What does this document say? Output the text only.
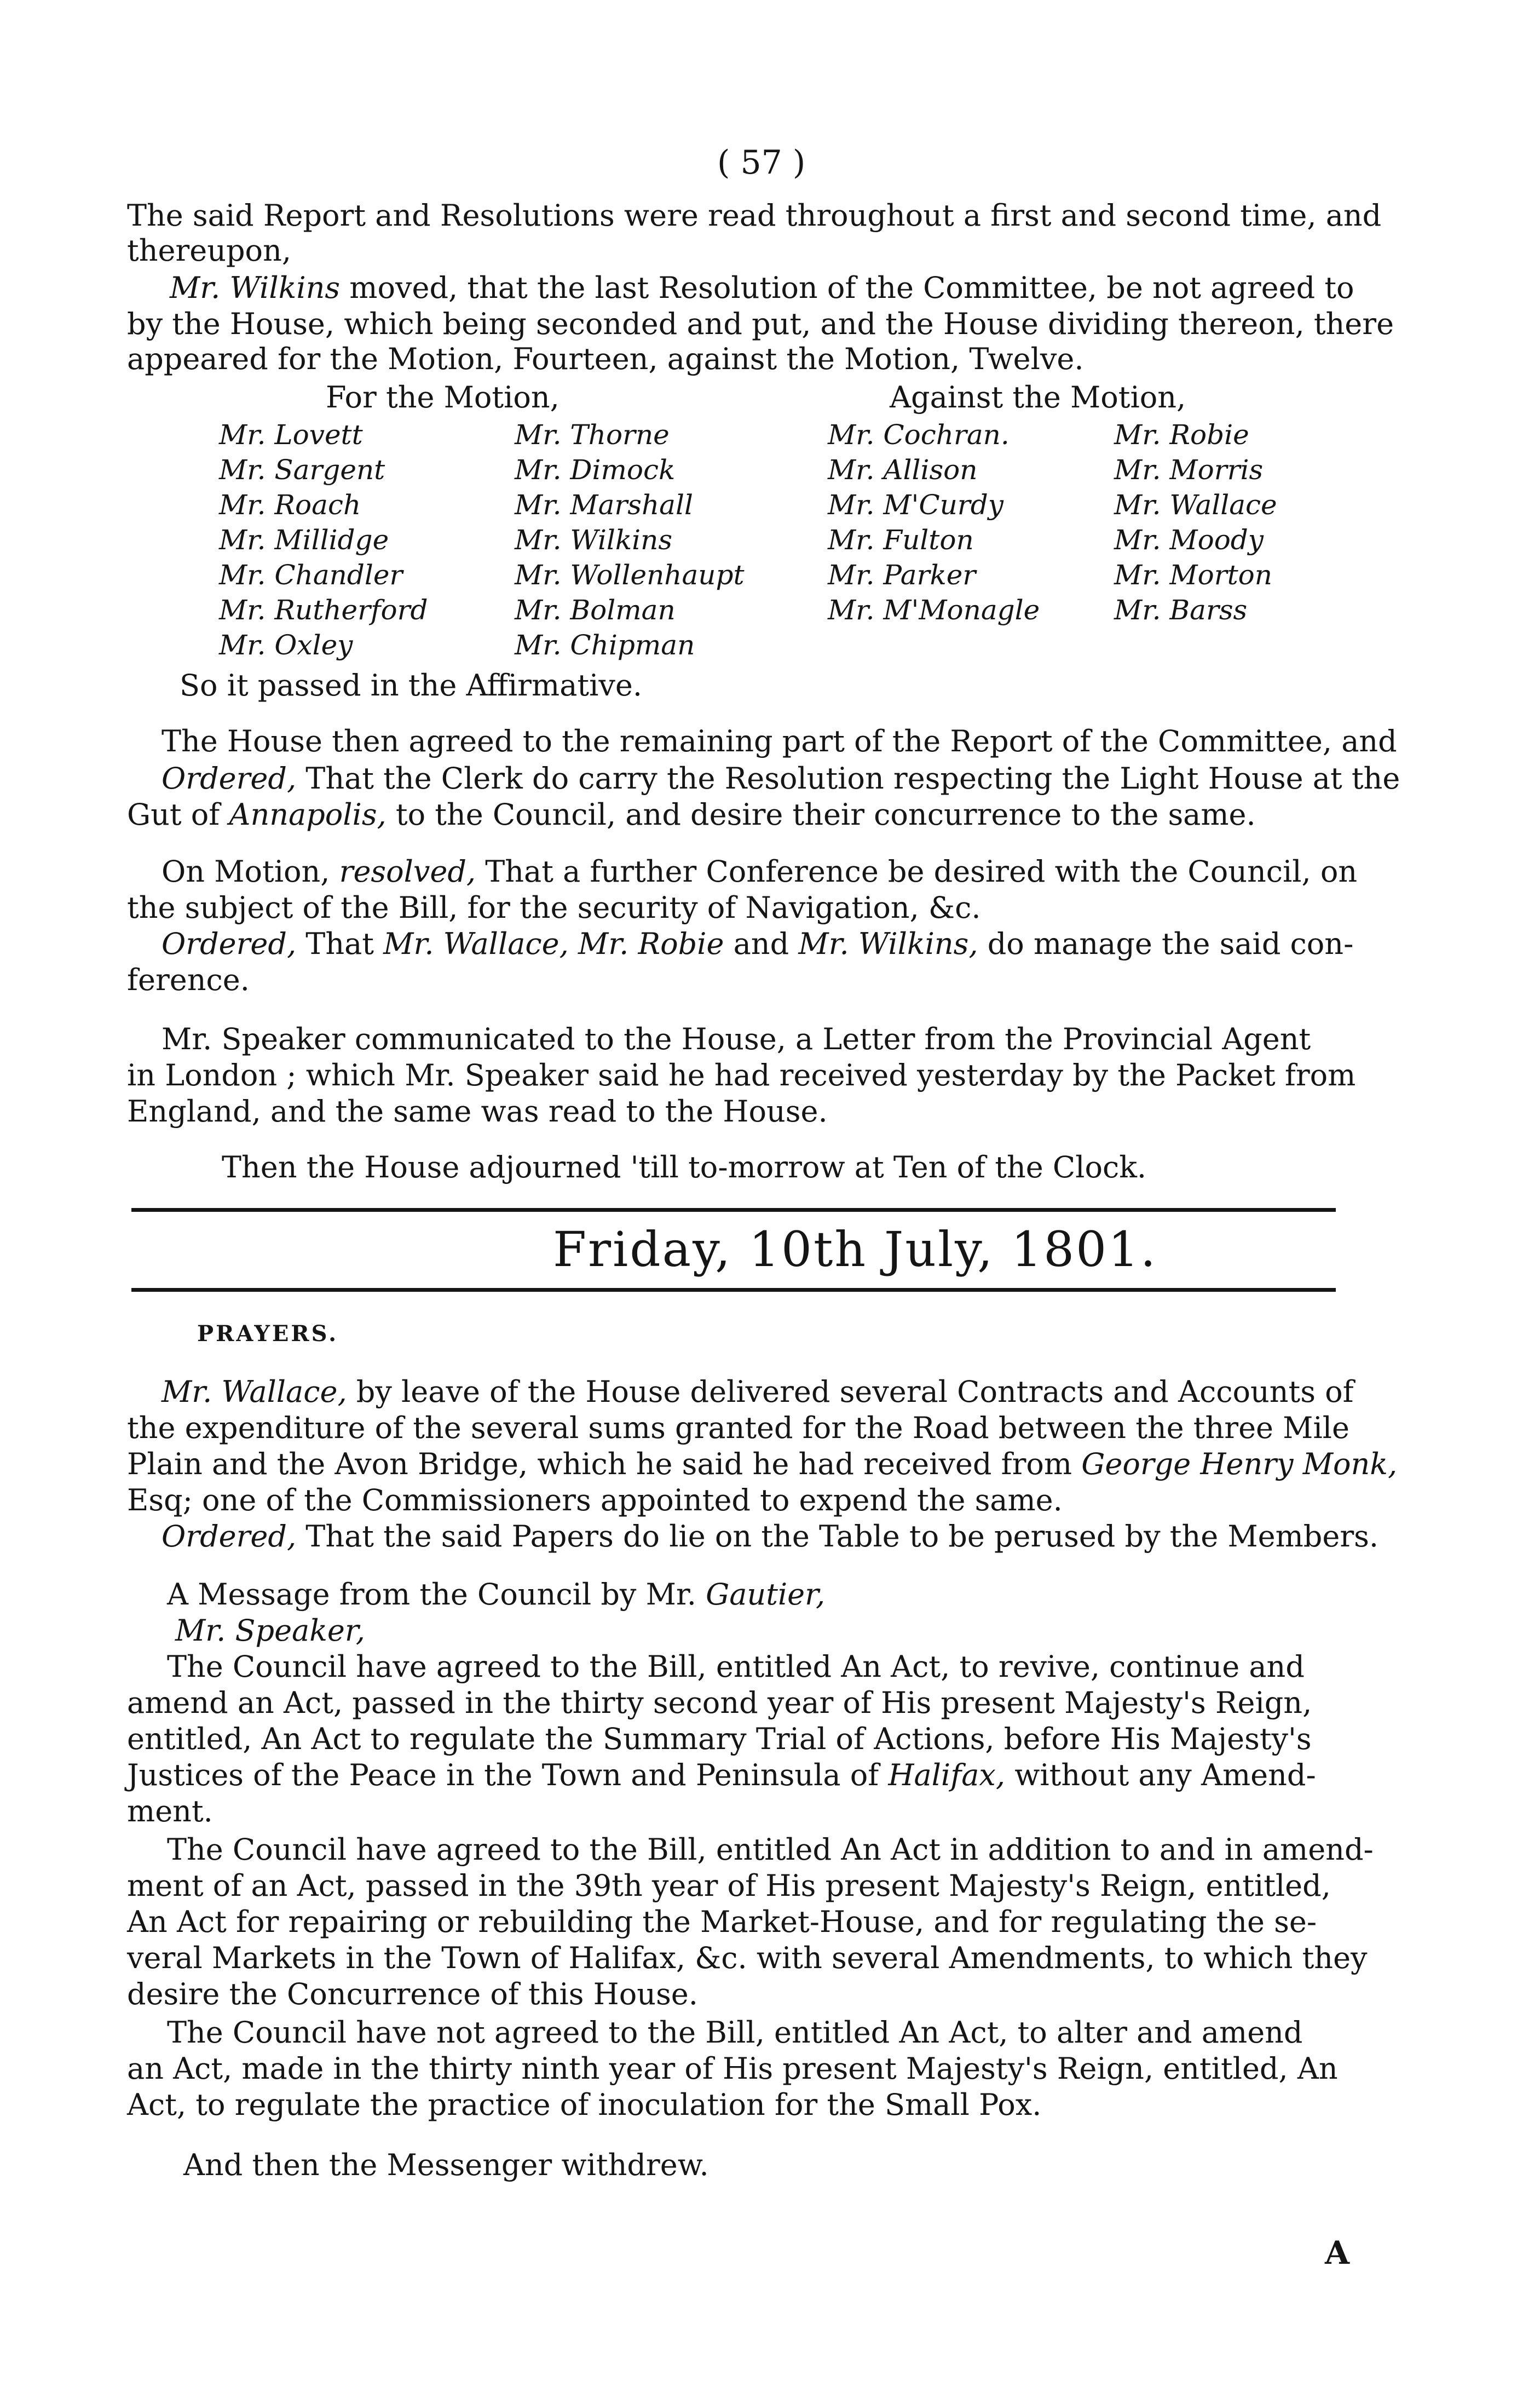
( 57 )
The said Report and Resolutions were read throughout a first and second time, and
thereupon,
Mr. Wilkins moved, that the last Resolution of the Committee, be not agreed to
by the House, which being seconded and put, and the House dividing thereon, there
appeared for the Motion, Fourteen, against the Motion, Twelve.
For the Motion,	Against the Motion,
Mr. Lovett
Mr. Sargent
Mr. Roach
Mr. Millidge
Mr. Chandler
Mr. Rutherford
Mr. Oxley
Mr. Thorne
Mr. Dimock
Mr. Marshall
Mr. Wilkins
Mr. Wollenhaupt
Mr. Bolman
Mr. Chipman
Mr. Cochran.
Mr. Allison
Mr. M'Curdy
Mr. Fulton
Mr. Parker
Mr. M'Monagle
Mr. Robie
Mr. Morris
Mr. Wallace
Mr. Moody
Mr. Morton
Mr. Barss
So it passed in the Affirmative.
The House then agreed to the remaining part of the Report of the Committee, and
Ordered, That the Clerk do carry the Resolution respecting the Light House at the
Gut of Annapolis, to the Council, and desire their concurrence to the same.
On Motion, resolved, That a further Conference be desired with the Council, on
the subject of the Bill, for the security of Navigation, &c.
Ordered, That Mr. Wallace, Mr. Robie and Mr. Wilkins, do manage the said con-
ference.
Mr. Speaker communicated to the House, a Letter from the Provincial Agent
in London ; which Mr. Speaker said he had received yesterday by the Packet from
England, and the same was read to the House.
Then the House adjourned 'till to-morrow at Ten of the Clock.
Friday, 10th July, 1801.
PRAYERS.
Mr. Wallace, by leave of the House delivered several Contracts and Accounts of
the expenditure of the several sums granted for the Road between the three Mile
Plain and the Avon Bridge, which he said he had received from George Henry Monk,
Esq; one of the Commissioners appointed to expend the same.
Ordered, That the said Papers do lie on the Table to be perused by the Members.
A Message from the Council by Mr. Gautier,
Mr. Speaker,
The Council have agreed to the Bill, entitled An Act, to revive, continue and
amend an Act, passed in the thirty second year of His present Majesty's Reign,
entitled, An Act to regulate the Summary Trial of Actions, before His Majesty's
Justices of the Peace in the Town and Peninsula of Halifax, without any Amend-
ment.
The Council have agreed to the Bill, entitled An Act in addition to and in amend-
ment of an Act, passed in the 39th year of His present Majesty's Reign, entitled,
An Act for repairing or rebuilding the Market-House, and for regulating the se-
veral Markets in the Town of Halifax, &c. with several Amendments, to which they
desire the Concurrence of this House.
The Council have not agreed to the Bill, entitled An Act, to alter and amend
an Act, made in the thirty ninth year of His present Majesty's Reign, entitled, An
Act, to regulate the practice of inoculation for the Small Pox.
And then the Messenger withdrew.
A
